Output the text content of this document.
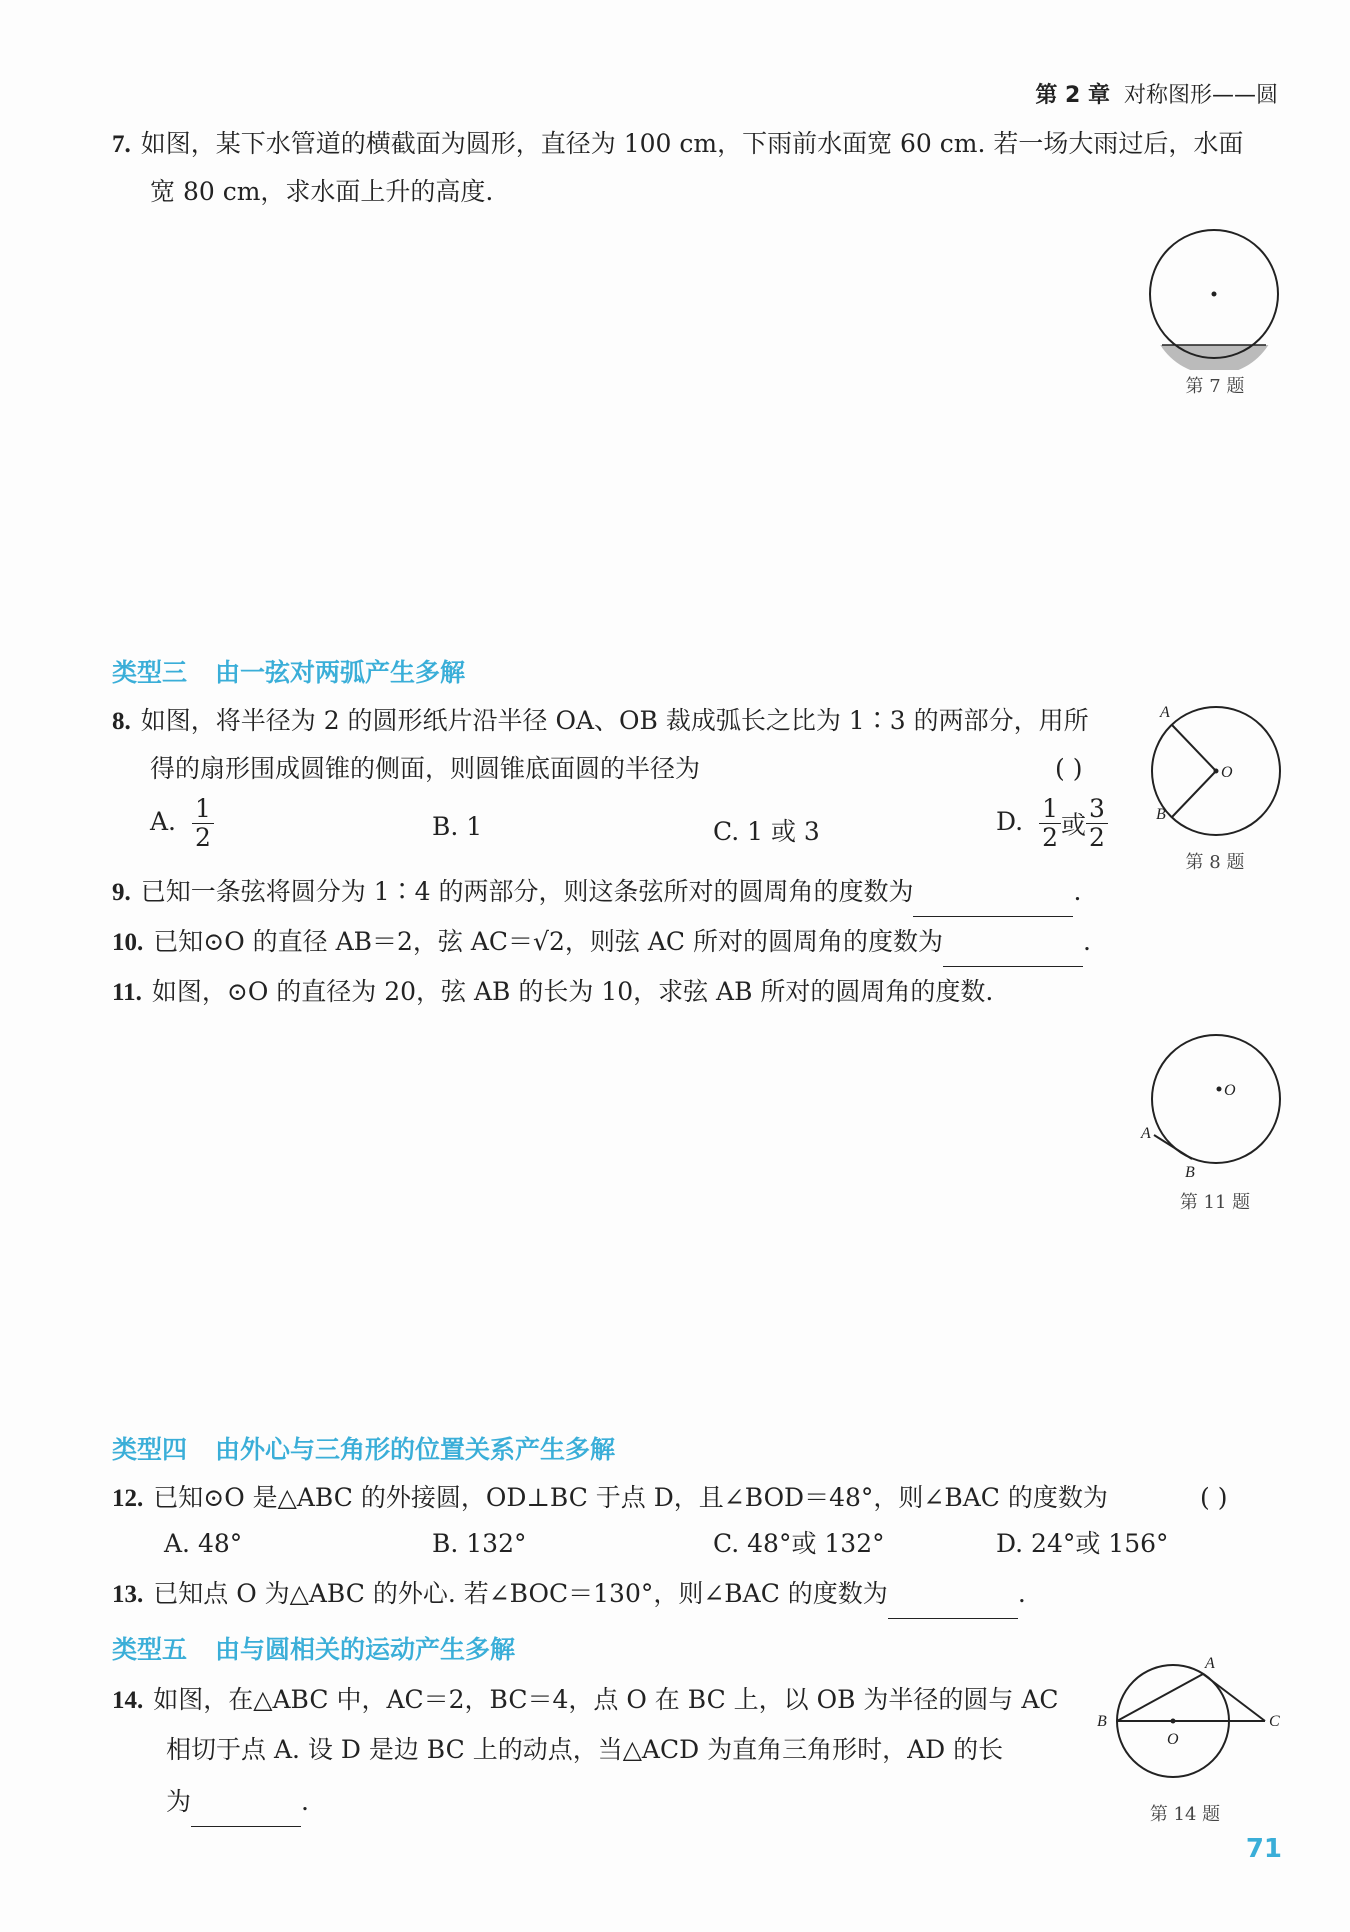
第 2 章 对称图形——圆
7. 如图，某下水管道的横截面为圆形，直径为 100 cm，下雨前水面宽 60 cm. 若一场大雨过后，水面
宽 80 cm，求水面上升的高度.
第 7 题
类型三 由一弦对两弧产生多解
8. 如图，将半径为 2 的圆形纸片沿半径 OA、OB 裁成弧长之比为 1∶3 的两部分，用所
得的扇形围成圆锥的侧面，则圆锥底面圆的半径为	( )
A. $\frac{1}{2}$	B. 1	C. 1 或 3	D. $\frac{1}{2}$ 或 $\frac{3}{2}$
A
O
B
第 8 题
9. 已知一条弦将圆分为 1∶4 的两部分，则这条弦所对的圆周角的度数为	.
10. 已知⊙O 的直径 AB＝2，弦 AC＝√2，则弦 AC 所对的圆周角的度数为	.
11. 如图，⊙O 的直径为 20，弦 AB 的长为 10，求弦 AB 所对的圆周角的度数.
O
A
B
第 11 题
类型四 由外心与三角形的位置关系产生多解
12. 已知⊙O 是△ABC 的外接圆，OD⊥BC 于点 D，且∠BOD＝48°，则∠BAC 的度数为	( )
A. 48°	B. 132°	C. 48°或 132°	D. 24°或 156°
13. 已知点 O 为△ABC 的外心. 若∠BOC＝130°，则∠BAC 的度数为	.
类型五 由与圆相关的运动产生多解
14. 如图，在△ABC 中，AC＝2，BC＝4，点 O 在 BC 上，以 OB 为半径的圆与 AC
相切于点 A. 设 D 是边 BC 上的动点，当△ACD 为直角三角形时，AD 的长
为	.
A
B
O
C
第 14 题
71
